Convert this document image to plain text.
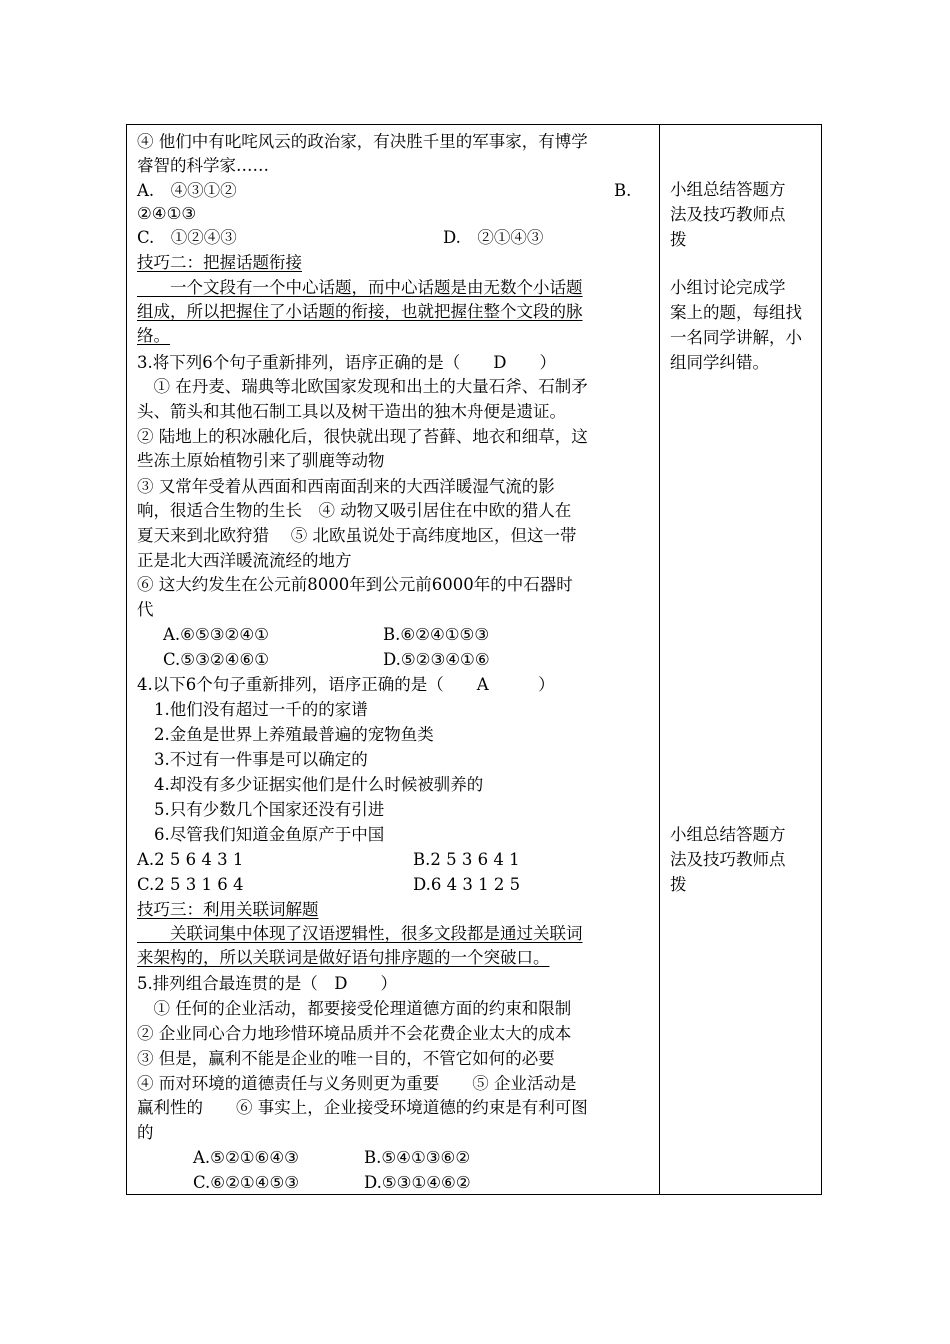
④ 他们中有叱咤风云的政治家，有决胜千里的军事家，有博学
睿智的科学家……
A.　④③①②	B.
②④①③
C.　①②④③	D.　②①④③
技巧二：把握话题衔接
　　一个文段有一个中心话题，而中心话题是由无数个小话题
组成，所以把握住了小话题的衔接，也就把握住整个文段的脉
络。
3.将下列6个句子重新排列，语序正确的是（　　D　　）
　① 在丹麦、瑞典等北欧国家发现和出土的大量石斧、石制矛
头、箭头和其他石制工具以及树干造出的独木舟便是遗证。
② 陆地上的积冰融化后，很快就出现了苔藓、地衣和细草，这
些冻土原始植物引来了驯鹿等动物
③ 又常年受着从西面和西南面刮来的大西洋暖湿气流的影
响，很适合生物的生长　④ 动物又吸引居住在中欧的猎人在
夏天来到北欧狩猎　 ⑤ 北欧虽说处于高纬度地区，但这一带
正是北大西洋暖流流经的地方
⑥ 这大约发生在公元前8000年到公元前6000年的中石器时
代
A.⑥⑤③②④①	B.⑥②④①⑤③
C.⑤③②④⑥①	D.⑤②③④①⑥
4.以下6个句子重新排列，语序正确的是（　　A　　　）
1.他们没有超过一千的的家谱
2.金鱼是世界上养殖最普遍的宠物鱼类
3.不过有一件事是可以确定的
4.却没有多少证据实他们是什么时候被驯养的
5.只有少数几个国家还没有引进
6.尽管我们知道金鱼原产于中国
A.2 5 6 4 3 1	B.2 5 3 6 4 1
C.2 5 3 1 6 4	D.6 4 3 1 2 5
技巧三：利用关联词解题
　　关联词集中体现了汉语逻辑性，很多文段都是通过关联词
来架构的，所以关联词是做好语句排序题的一个突破口。
5.排列组合最连贯的是（　D　　）
　① 任何的企业活动，都要接受伦理道德方面的约束和限制
② 企业同心合力地珍惜环境品质并不会花费企业太大的成本
③ 但是，赢利不能是企业的唯一目的，不管它如何的必要
④ 而对环境的道德责任与义务则更为重要　　⑤ 企业活动是
赢利性的　　⑥ 事实上，企业接受环境道德的约束是有利可图
的
A.⑤②①⑥④③	B.⑤④①③⑥②
C.⑥②①④⑤③	D.⑤③①④⑥②
小组总结答题方
法及技巧教师点
拨
小组讨论完成学
案上的题，每组找
一名同学讲解，小
组同学纠错。
小组总结答题方
法及技巧教师点
拨
